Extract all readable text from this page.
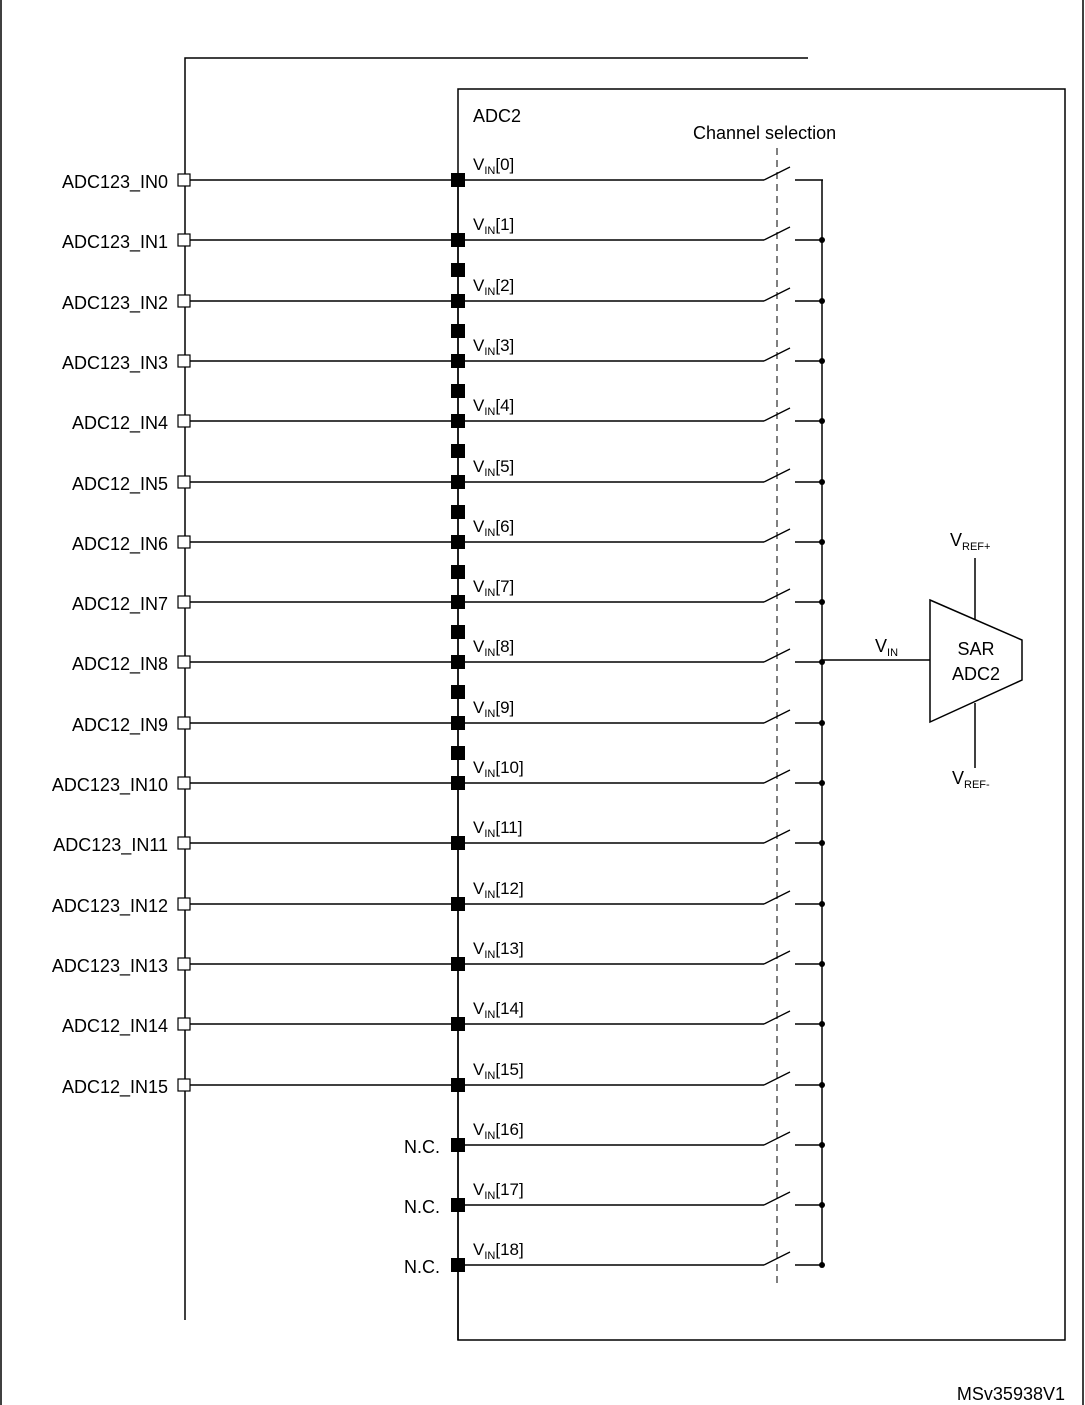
ADC2
Channel selection
ADC123_IN0
$V_{IN}[0]$
ADC123_IN1
$V_{IN}[1]$
ADC123_IN2
$V_{IN}[2]$
ADC123_IN3
$V_{IN}[3]$
ADC12_IN4
$V_{IN}[4]$
ADC12_IN5
$V_{IN}[5]$
ADC12_IN6
$V_{IN}[6]$
ADC12_IN7
$V_{IN}[7]$
ADC12_IN8
$V_{IN}[8]$
ADC12_IN9
$V_{IN}[9]$
ADC123_IN10
$V_{IN}[10]$
ADC123_IN11
$V_{IN}[11]$
ADC123_IN12
$V_{IN}[12]$
ADC123_IN13
$V_{IN}[13]$
ADC12_IN14
$V_{IN}[14]$
ADC12_IN15
$V_{IN}[15]$
N.C.
$V_{IN}[16]$
N.C.
$V_{IN}[17]$
N.C.
$V_{IN}[18]$
$V_{IN}$	SAR
ADC2
$V_{REF+}$
$V_{REF-}$
MSv35938V1
